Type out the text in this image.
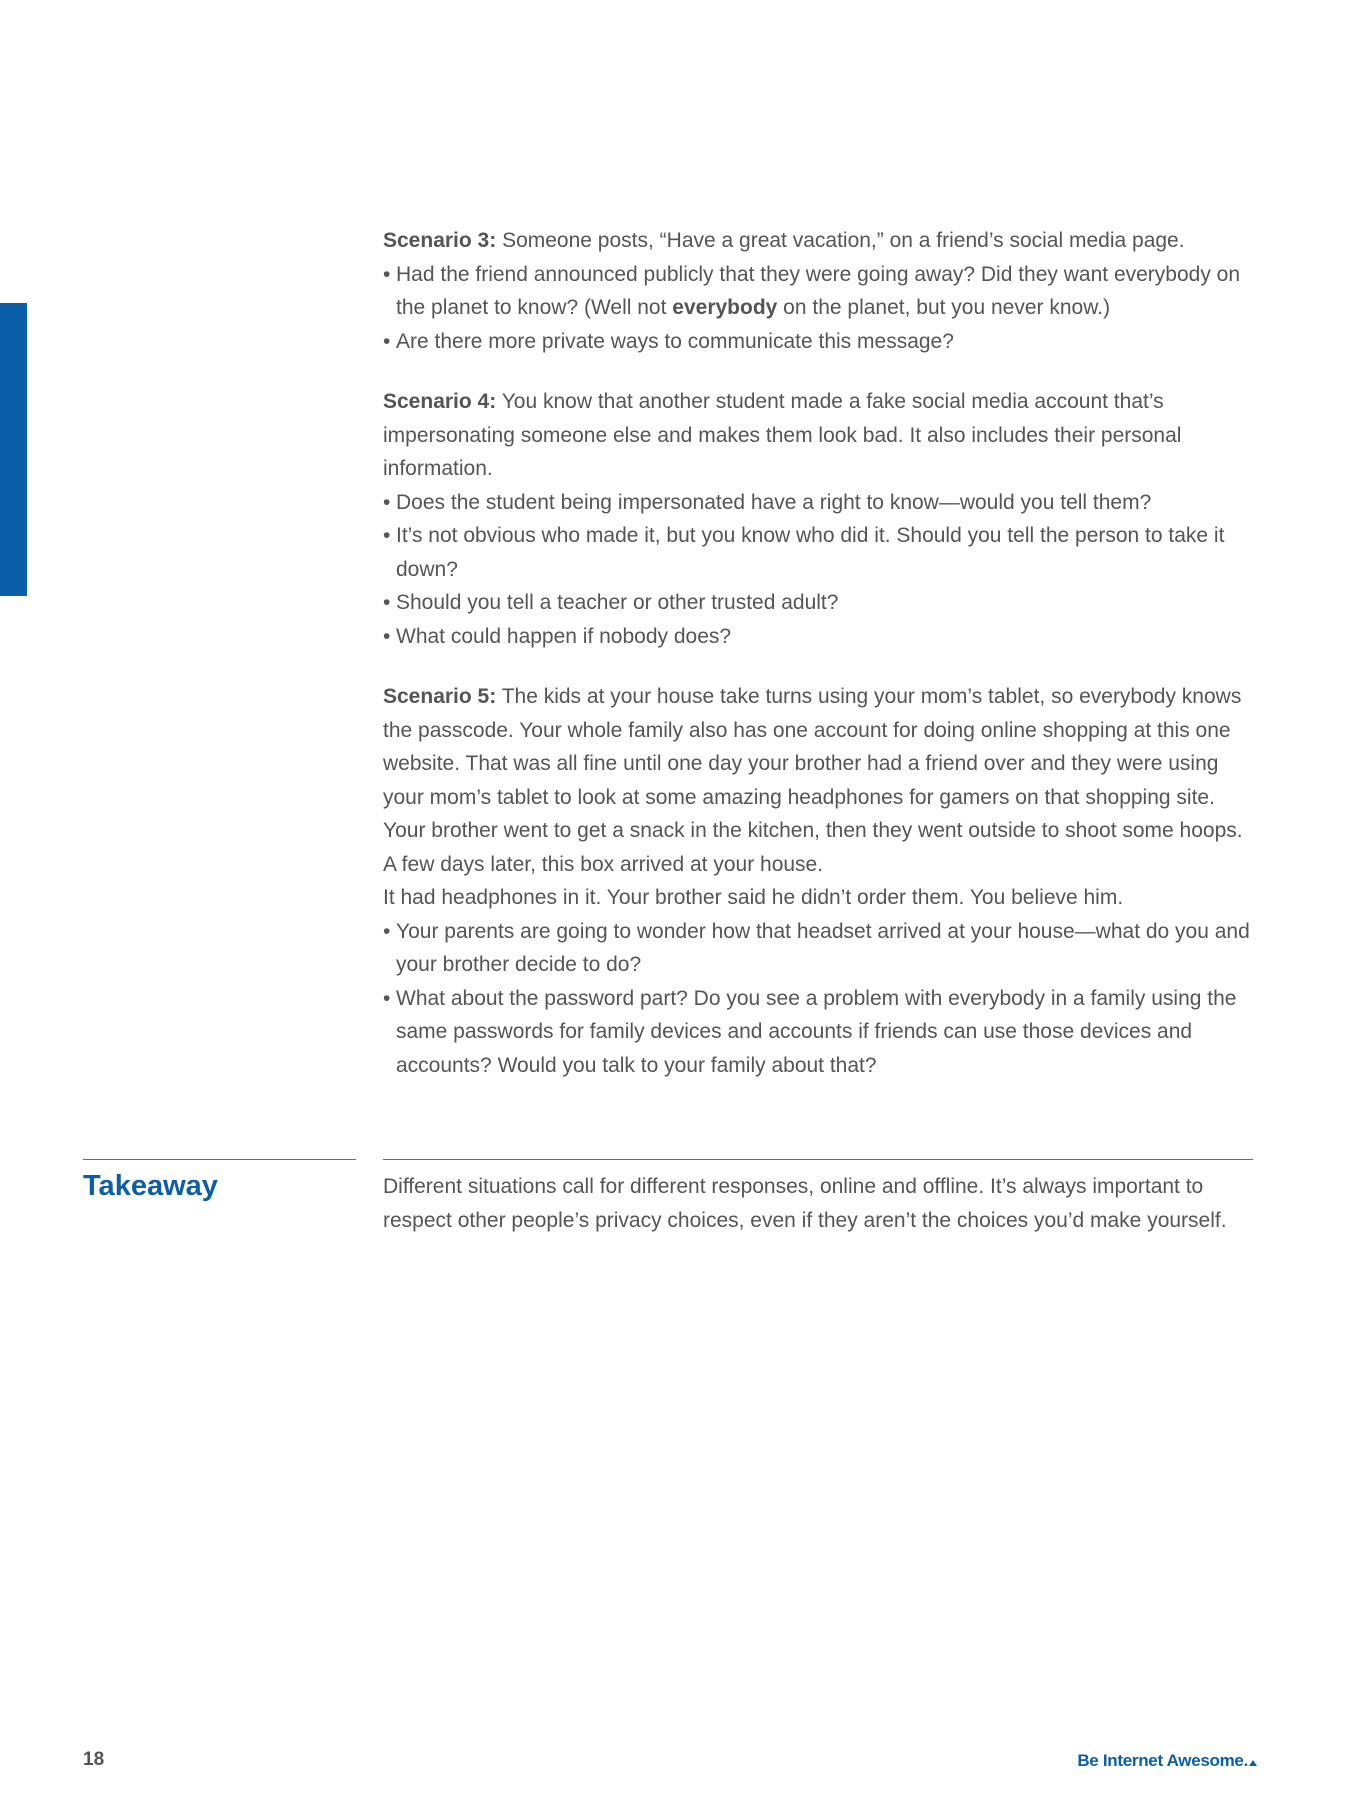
Scenario 3: Someone posts, “Have a great vacation,” on a friend’s social media page.

• Had the friend announced publicly that they were going away? Did they want everybody on the planet to know? (Well not everybody on the planet, but you never know.)
• Are there more private ways to communicate this message?

Scenario 4: You know that another student made a fake social media account that’s impersonating someone else and makes them look bad. It also includes their personal information.

• Does the student being impersonated have a right to know—would you tell them?
• It’s not obvious who made it, but you know who did it. Should you tell the person to take it down?
• Should you tell a teacher or other trusted adult?
• What could happen if nobody does?

Scenario 5: The kids at your house take turns using your mom’s tablet, so everybody knows the passcode. Your whole family also has one account for doing online shopping at this one website. That was all fine until one day your brother had a friend over and they were using your mom’s tablet to look at some amazing headphones for gamers on that shopping site. Your brother went to get a snack in the kitchen, then they went outside to shoot some hoops. A few days later, this box arrived at your house.

It had headphones in it. Your brother said he didn’t order them. You believe him.

• Your parents are going to wonder how that headset arrived at your house—what do you and your brother decide to do?
• What about the password part? Do you see a problem with everybody in a family using the same passwords for family devices and accounts if friends can use those devices and accounts? Would you talk to your family about that?
Takeaway	Different situations call for different responses, online and offline. It’s always important to respect other people’s privacy choices, even if they aren’t the choices you’d make yourself.

18	Be Internet Awesome.
